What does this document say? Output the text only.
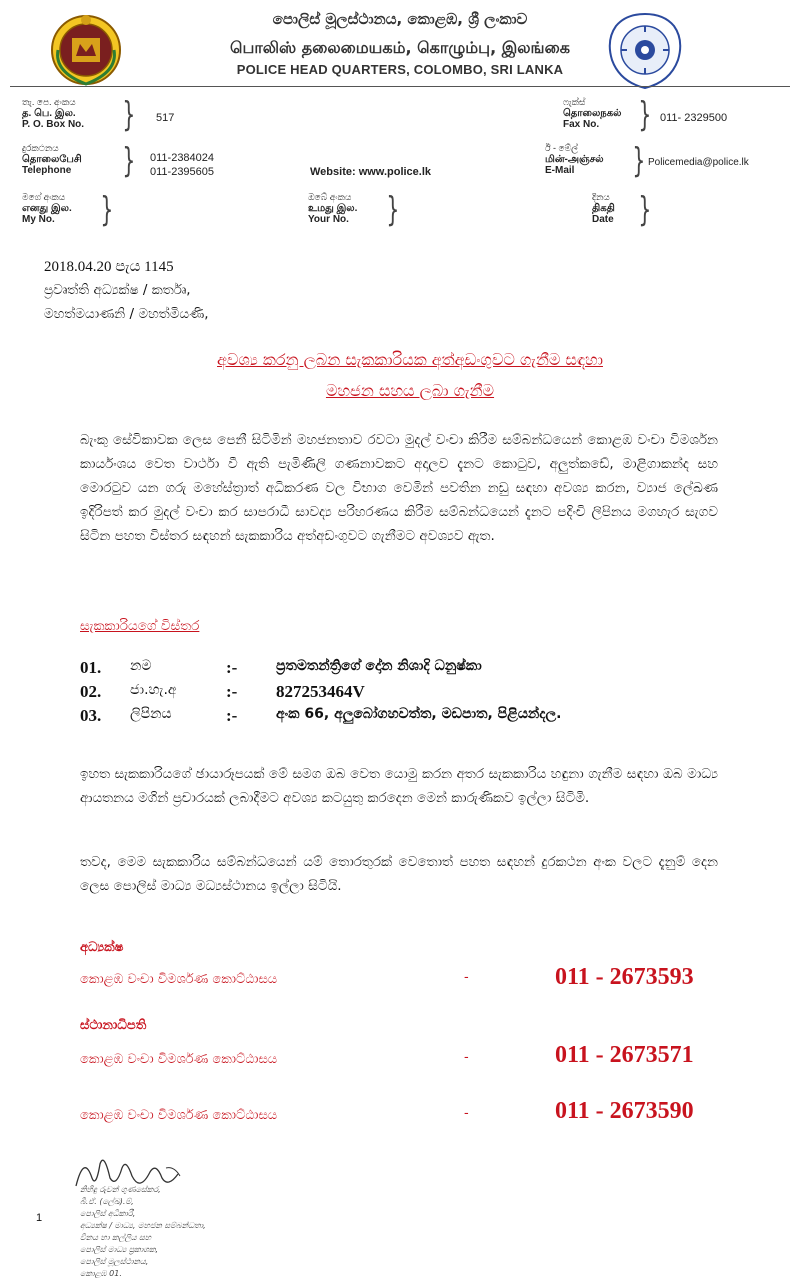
පොලිස් මූලස්ථානය, කොළඹ, ශ්‍රී ලංකාව
பொலிஸ் தலைமையகம், கொழும்பு, இலங்கை
POLICE HEAD QUARTERS, COLOMBO, SRI LANKA
තැ. පෙ. අංකය
த. பெ. இல.
P. O. Box No. } 517
ෆැක්ස්
தொலைநகல்
Fax No.	} 011- 2329500
දුරකථනය
தொலைபேசி
Telephone	} 011-2384024
011-2395605	Website: www.police.lk
ඊ - මේල්
மின்-அஞ்சல்
E-Mail	} Policemedia@police.lk
මගේ අංකය
எனது இல.
My No.	}	ඔබේ අංකය
உமது இல.
Your No. }	දිනය
திகதி
Date }
2018.04.20 පැය 1145
ප්‍රවෘත්ති අධ්‍යක්ෂ / කර්තෘ,
මහත්මයාණනි / මහත්මියණි,
අවශ්‍ය කරනු ලබන සැකකාරියක අත්අඩංගුවට ගැනීම සඳහා
මහජන සහය ලබා ගැනීම
බැංකු සේවිකාවක ලෙස පෙනී සිටිමින් මහජනතාව රවටා මුදල් වංචා කිරීම සම්බන්ධයෙන් කොළඹ වංචා විමර්ශන කාර්යංශය වෙත වාර්ථා වී ඇති පැමිණිලි ගණනාවකට අදාලව දැනට කොටුව, අලුත්කඩේ, මාළිගාකන්ද සහ මොරටුව යන ගරු මහේස්ත්‍රාත් අධිකරණ වල විභාග වෙමින් පවතින නඩු සඳහා අවශ්‍ය කරන, ව්‍යාජ ලේඛණ ඉදිරිපත් කර මුදල් වංචා කර සාපරාධී සාවද්‍ය පරිහරණය කිරීම සම්බන්ධයෙන් දැනට පදිංචි ලිපිනය මගහැර සැගව සිටින පහත විස්තර සඳහන් සැකකාරිය අත්අඩංගුවට ගැනීමට අවශ්‍යව ඇත.
සැකකාරියගේ විස්තර
01. නම	:-	ප්‍රතමතන්ත්‍රිගේ දෝන නිශාදි ධනුෂ්කා
02. ජා.හැ.අ	:- 827253464V
03. ලිපිනය	:-	අංක 66, අලුබෝගහවත්ත, මඩපාත, පිළියන්දල.
ඉහත සැකකාරියගේ ඡායාරූපයක් මේ සමග ඔබ වෙත යොමු කරන අතර සැකකාරිය හඳුනා ගැනීම සඳහා ඔබ මාධ්‍ය ආයතනය මගින් ප්‍රචාරයක් ලබාදීමට අවශ්‍ය කටයුතු කරදෙන මෙන් කාරුණිකව ඉල්ලා සිටිමි.
තවද, මෙම සැකකාරිය සම්බන්ධයෙන් යම් තොරතුරක් වෙතොත් පහත සඳහන් දුරකථන අංක වලට දැනුම් දෙන ලෙස පොලිස් මාධ්‍ය මධ්‍යස්ථානය ඉල්ලා සිටියි.
අධ්‍යක්ෂ
කොළඹ වංචා විමර්ශණ කොට්ඨාසය	-	011 - 2673593
ස්ථානාධිපති
කොළඹ වංචා විමර්ශණ කොට්ඨාසය	-	011 - 2673571
කොළඹ වංචා විමර්ශණ කොට්ඨාසය	-	011 - 2673590
නිහිඳු රුවන් ගුණසේකර,
බී.ඒ. (ලේඛ).ම්,
පොලිස් අධිකාරී,
අධ්‍යක්ෂ / මාධ්‍ය, මහජන සම්බන්ධතා,
විනය හා කල්ලිය සහ
පොලිස් මාධ්‍ය ප්‍රකාශක,
පොලිස් මූලස්ථානය,
කොළඹ 01.
1
